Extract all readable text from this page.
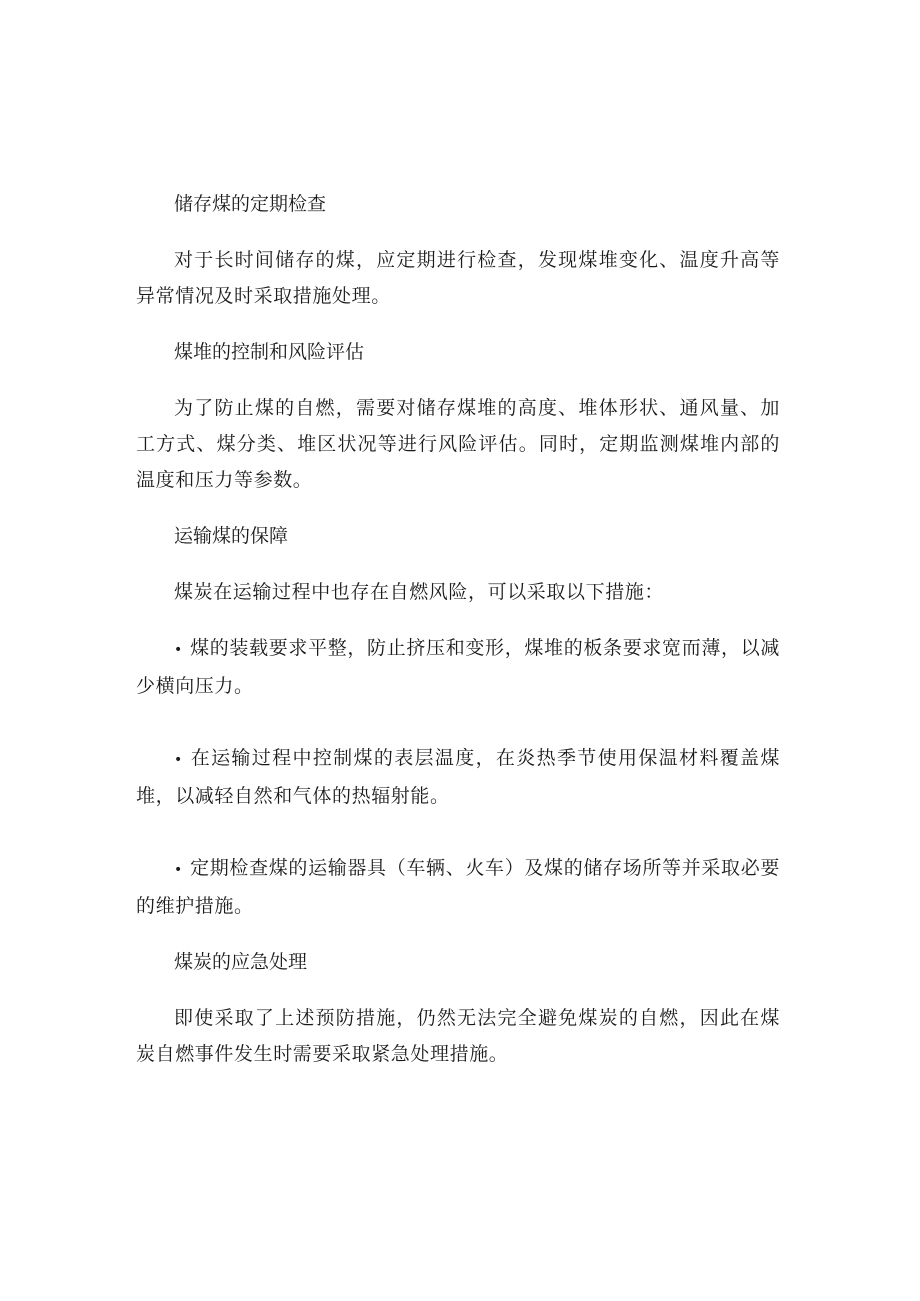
储存煤的定期检查
对于长时间储存的煤，应定期进行检查，发现煤堆变化、温度升高等异常情况及时采取措施处理。
煤堆的控制和风险评估
为了防止煤的自燃，需要对储存煤堆的高度、堆体形状、通风量、加工方式、煤分类、堆区状况等进行风险评估。同时，定期监测煤堆内部的温度和压力等参数。
运输煤的保障
煤炭在运输过程中也存在自燃风险，可以采取以下措施：
• 煤的装载要求平整，防止挤压和变形，煤堆的板条要求宽而薄，以减少横向压力。
• 在运输过程中控制煤的表层温度，在炎热季节使用保温材料覆盖煤堆，以减轻自然和气体的热辐射能。
• 定期检查煤的运输器具（车辆、火车）及煤的储存场所等并采取必要的维护措施。
煤炭的应急处理
即使采取了上述预防措施，仍然无法完全避免煤炭的自燃，因此在煤炭自燃事件发生时需要采取紧急处理措施。
